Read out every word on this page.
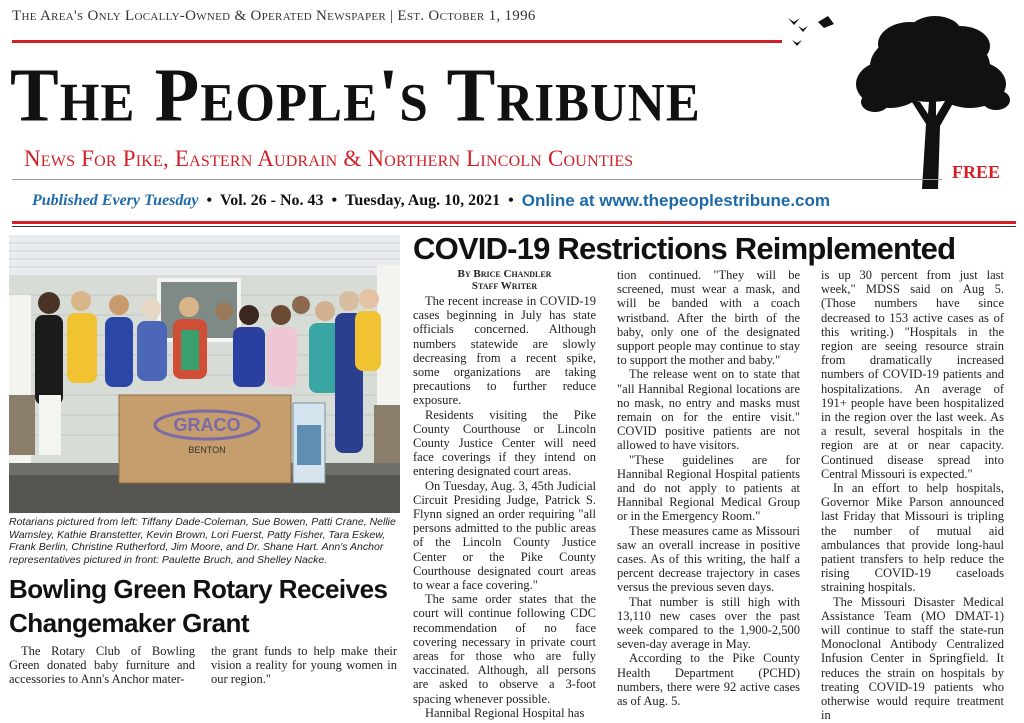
The Area's Only Locally-Owned & Operated Newspaper | Est. October 1, 1996
The People's Tribune
News For Pike, Eastern Audrain & Northern Lincoln Counties
FREE
Published Every Tuesday • Vol. 26 - No. 43 • Tuesday, Aug. 10, 2021 • Online at www.thepeoplestribune.com
GRACO
BENTON
Rotarians pictured from left: Tiffany Dade-Coleman, Sue Bowen, Patti Crane, Nellie Wamsley, Kathie Branstetter, Kevin Brown, Lori Fuerst, Patty Fisher, Tara Eskew, Frank Berlin, Christine Rutherford, Jim Moore, and Dr. Shane Hart. Ann's Anchor representatives pictured in front: Paulette Bruch, and Shelley Nacke.
Bowling Green Rotary Receives Changemaker Grant
The Rotary Club of Bowling Green donated baby furniture and accessories to Ann's Anchor mater-
the grant funds to help make their vision a reality for young women in our region."
COVID-19 Restrictions Reimplemented
By Brice Chandler
Staff Writer

The recent increase in COVID-19 cases beginning in July has state officials concerned. Although numbers statewide are slowly decreasing from a recent spike, some organizations are taking precautions to further reduce exposure.

Residents visiting the Pike County Courthouse or Lincoln County Justice Center will need face coverings if they intend on entering designated court areas.

On Tuesday, Aug. 3, 45th Judicial Circuit Presiding Judge, Patrick S. Flynn signed an order requiring "all persons admitted to the public areas of the Lincoln County Justice Center or the Pike County Courthouse designated court areas to wear a face covering."

The same order states that the court will continue following CDC recommendation of no face covering necessary in private court areas for those who are fully vaccinated. Although, all persons are asked to observe a 3-foot spacing whenever possible.

Hannibal Regional Hospital has

tion continued. "They will be screened, must wear a mask, and will be banded with a coach wristband. After the birth of the baby, only one of the designated support people may continue to stay to support the mother and baby."

The release went on to state that "all Hannibal Regional locations are no mask, no entry and masks must remain on for the entire visit." COVID positive patients are not allowed to have visitors.

"These guidelines are for Hannibal Regional Hospital patients and do not apply to patients at Hannibal Regional Medical Group or in the Emergency Room."

These measures came as Missouri saw an overall increase in positive cases. As of this writing, the half a percent decrease trajectory in cases versus the previous seven days.

That number is still high with 13,110 new cases over the past week compared to the 1,900-2,500 seven-day average in May.

According to the Pike County Health Department (PCHD) numbers, there were 92 active cases as of Aug. 5.

is up 30 percent from just last week," MDSS said on Aug 5. (Those numbers have since decreased to 153 active cases as of this writing.) "Hospitals in the region are seeing resource strain from dramatically increased numbers of COVID-19 patients and hospitalizations. An average of 191+ people have been hospitalized in the region over the last week. As a result, several hospitals in the region are at or near capacity. Continued disease spread into Central Missouri is expected."

In an effort to help hospitals, Governor Mike Parson announced last Friday that Missouri is tripling the number of mutual aid ambulances that provide long-haul patient transfers to help reduce the rising COVID-19 caseloads straining hospitals.

The Missouri Disaster Medical Assistance Team (MO DMAT-1) will continue to staff the state-run Monoclonal Antibody Centralized Infusion Center in Springfield. It reduces the strain on hospitals by treating COVID-19 patients who otherwise would require treatment in
